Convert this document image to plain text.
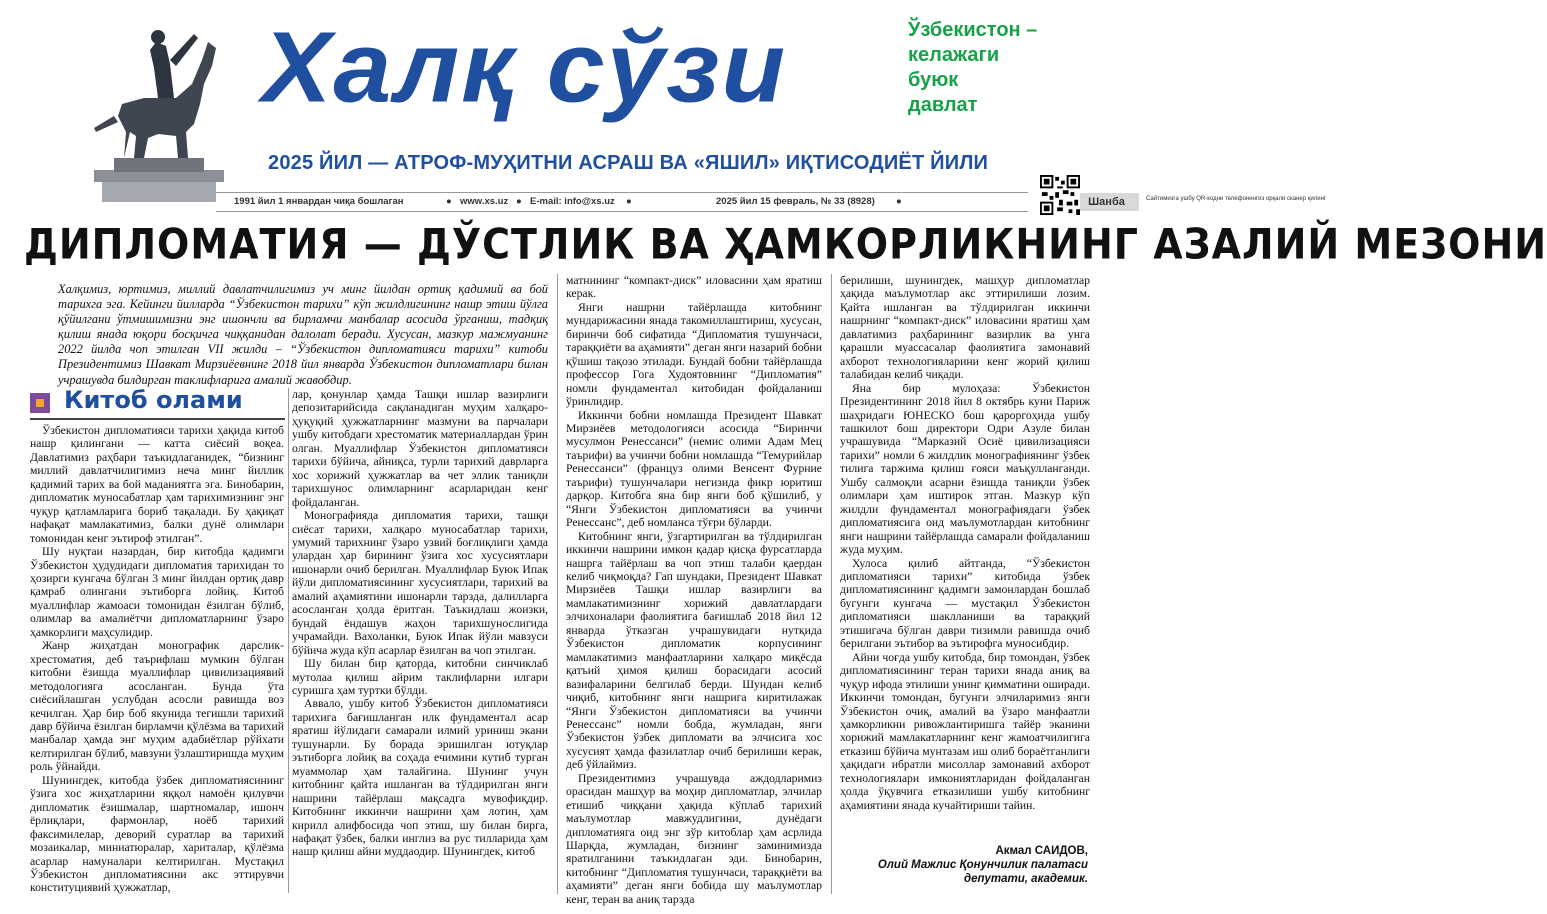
Халқ сўзи	Ўзбекистон –
келажаги
буюк
давлат
2025 ЙИЛ — АТРОФ-МУҲИТНИ АСРАШ ВА «ЯШИЛ» ИҚТИСОДИЁТ ЙИЛИ
1991 йил 1 январдан чиқа бошлаган	● www.xs.uz ● E-mail: info@xs.uz ●	2025 йил 15 февраль, № 33 (8928) ●	Шанба	Сайтимизга ушбу QR-кодни телефонингиз орқали сканер қилинг
ДИПЛОМАТИЯ — ДЎСТЛИК ВА ҲАМКОРЛИКНИНГ АЗАЛИЙ МЕЗОНИ
Халқимиз, юртимиз, миллий давлатчилигимиз уч минг йилдан ортиқ қадимий ва бой тарихга эга. Кейинги йилларда “Ўзбекистон тарихи” кўп жилдлигининг нашр этиш йўлга қўйилгани ўтмишимизни энг ишончли ва бирламчи манбалар асосида ўрганиш, тадқиқ қилиш янада юқори босқичга чиққанидан далолат беради. Хусусан, мазкур мажмуанинг 2022 йилда чоп этилган VII жилди – “Ўзбекистон дипломатияси тарихи” китоби Президентимиз Шавкат Мирзиёевнинг 2018 йил январда Ўзбекистон дипломатлари билан учрашувда билдирган таклифларига амалий жавобдир.
Китоб олами

Ўзбекистон дипломатияси тарихи ҳақида китоб нашр қилингани — катта сиёсий воқеа. Давлатимиз раҳбари таъкидлаганидек, “бизнинг миллий давлатчилигимиз неча минг йиллик қадимий тарих ва бой маданиятга эга. Бинобарин, дипломатик муносабатлар ҳам тарихимизнинг энг чуқур қатламларига бориб тақалади. Бу ҳақиқат нафақат мамлакатимиз, балки дунё олимлари томонидан кенг эътироф этилган”.

Шу нуқтаи назардан, бир китобда қадимги Ўзбекистон ҳудудидаги дипломатия тарихидан то ҳозирги кунгача бўлган 3 минг йилдан ортиқ давр қамраб олингани эътиборга лойиқ. Китоб муаллифлар жамоаси томонидан ёзилган бўлиб, олимлар ва амалиётчи дипломатларнинг ўзаро ҳамкорлиги маҳсулидир.

Жанр жиҳатдан монографик дарслик-хрестоматия, деб таърифлаш мумкин бўлган китобни ёзишда муаллифлар цивилизациявий методологияга асосланган. Бунда ўта сиёсийлашган услубдан асосли равишда воз кечилган. Ҳар бир боб якунида тегишли тарихий давр бўйича ёзилган бирламчи қўлёзма ва тарихий манбалар ҳамда энг муҳим адабиётлар рўйхати келтирилган бўлиб, мавзуни ўзлаштиришда муҳим роль ўйнайди.

Шунингдек, китобда ўзбек дипломатиясининг ўзига хос жиҳатларини яққол намоён қилувчи дипломатик ёзишмалар, шартномалар, ишонч ёрлиқлари, фармонлар, ноёб тарихий факсимилелар, деворий суратлар ва тарихий мозаикалар, миниатюралар, хариталар, қўлёзма асарлар намуналари келтирилган. Мустақил Ўзбекистон дипломатиясини акс эттирувчи конституциявий ҳужжатлар,

лар, қонунлар ҳамда Ташқи ишлар вазирлиги депозитарийсида сақланадиган муҳим халқаро-ҳуқуқий ҳужжатларнинг мазмуни ва парчалари ушбу китобдаги хрестоматик материаллардан ўрин олган. Муаллифлар Ўзбекистон дипломатияси тарихи бўйича, айниқса, турли тарихий даврларга хос хорижий ҳужжатлар ва чет эллик таниқли тарихшунос олимларнинг асарларидан кенг фойдаланган.

Монографияда дипломатия тарихи, ташқи сиёсат тарихи, халқаро муносабатлар тарихи, умумий тарихнинг ўзаро узвий боғлиқлиги ҳамда улардан ҳар бирининг ўзига хос хусусиятлари ишонарли очиб берилган. Муаллифлар Буюк Ипак йўли дипломатиясининг хусусиятлари, тарихий ва амалий аҳамиятини ишонарли тарзда, далилларга асосланган ҳолда ёритган. Таъкидлаш жоизки, бундай ёндашув жаҳон тарихшунослигида учрамайди. Вахоланки, Буюк Ипак йўли мавзуси бўйича жуда кўп асарлар ёзилган ва чоп этилган.

Шу билан бир қаторда, китобни синчиклаб мутолаа қилиш айрим таклифларни илгари суришга ҳам туртки бўлди.

Аввало, ушбу китоб Ўзбекистон дипломатияси тарихига бағишланган илк фундаментал асар яратиш йўлидаги самарали илмий уриниш экани тушунарли. Бу борада эришилган ютуқлар эътиборга лойиқ ва соҳада ечимини кутиб турган муаммолар ҳам талайгина. Шунинг учун китобнинг қайта ишланган ва тўлдирилган янги нашрини тайёрлаш мақсадга мувофиқдир. Китобнинг иккинчи нашрини ҳам лотин, ҳам кирилл алифбосида чоп этиш, шу билан бирга, нафақат ўзбек, балки инглиз ва рус тилларида ҳам нашр қилиш айни муддаодир. Шунингдек, китоб

матнининг “компакт-диск” иловасини ҳам яратиш керак.

Янги нашрни тайёрлашда китобнинг мундарижасини янада такомиллаштириш, хусусан, биринчи боб сифатида “Дипломатия тушунчаси, тараққиёти ва аҳамияти” деган янги назарий бобни қўшиш тақозо этилади. Бундай бобни тайёрлашда профессор Гога Худоятовнинг “Дипломатия” номли фундаментал китобидан фойдаланиш ўринлидир.

Иккинчи бобни номлашда Президент Шавкат Мирзиёев методологияси асосида “Биринчи мусулмон Ренессанси” (немис олими Адам Мец таърифи) ва учинчи бобни номлашда “Темурийлар Ренессанси” (француз олими Венсент Фурние таърифи) тушунчалари негизида фикр юритиш дарқор. Китобга яна бир янги боб қўшилиб, у “Янги Ўзбекистон дипломатияси ва учинчи Ренессанс”, деб номланса тўғри бўларди.

Китобнинг янги, ўзгартирилган ва тўлдирилган иккинчи нашрини имкон қадар қисқа фурсатларда нашрга тайёрлаш ва чоп этиш талаби қаердан келиб чиқмоқда? Гап шундаки, Президент Шавкат Мирзиёев Ташқи ишлар вазирлиги ва мамлакатимизнинг хорижий давлатлардаги элчихоналари фаолиятига бағишлаб 2018 йил 12 январда ўтказган учрашувидаги нутқида Ўзбекистон дипломатик корпусининг мамлакатимиз манфаатларини халқаро миқёсда қатъий ҳимоя қилиш борасидаги асосий вазифаларини белгилаб берди. Шундан келиб чиқиб, китобнинг янги нашрига киритилажак “Янги Ўзбекистон дипломатияси ва учинчи Ренессанс” номли бобда, жумладан, янги Ўзбекистон ўзбек дипломати ва элчисига хос хусусият ҳамда фазилатлар очиб берилиши керак, деб ўйлаймиз.

Президентимиз учрашувда аждодларимиз орасидан машҳур ва моҳир дипломатлар, элчилар етишиб чиққани ҳақида кўплаб тарихий маълумотлар мавжудлигини, дунёдаги дипломатияга оид энг зўр китоблар ҳам асрлида Шарқда, жумладан, бизнинг заминимизда яратилганини таъкидлаган эди. Бинобарин, китобнинг “Дипломатия тушунчаси, тараққиёти ва аҳамияти” деган янги бобида шу маълумотлар кенг, теран ва аниқ тарзда

берилиши, шунингдек, машҳур дипломатлар ҳақида маълумотлар акс эттирилиши лозим. Қайта ишланган ва тўлдирилган иккинчи нашрнинг “компакт-диск” иловасини яратиш ҳам давлатимиз раҳбарининг вазирлик ва унга қарашли муассасалар фаолиятига замонавий ахборот технологияларини кенг жорий қилиш талабидан келиб чиқади.

Яна бир мулоҳаза: Ўзбекистон Президентининг 2018 йил 8 октябрь куни Париж шаҳридаги ЮНЕСКО бош қароргоҳида ушбу ташкилот бош директори Одри Азуле билан учрашувида “Марказий Осиё цивилизацияси тарихи” номли 6 жилдлик монографиянинг ўзбек тилига таржима қилиш ғояси маъқулланганди. Ушбу салмоқли асарни ёзишда таниқли ўзбек олимлари ҳам иштирок этган. Мазкур кўп жилдли фундаментал монографиядаги ўзбек дипломатиясига оид маълумотлардан китобнинг янги нашрини тайёрлашда самарали фойдаланиш жуда муҳим.

Хулоса қилиб айтганда, “Ўзбекистон дипломатияси тарихи” китобида ўзбек дипломатиясининг қадимги замонлардан бошлаб бугунги кунгача — мустақил Ўзбекистон дипломатияси шаклланиши ва тараққий этишигача бўлган даври тизимли равишда очиб берилгани эътибор ва эътирофга муносибдир.

Айни чоғда ушбу китобда, бир томондан, ўзбек дипломатиясининг теран тарихи янада аниқ ва чуқур ифода этилиши унинг қимматини оширади. Иккинчи томондан, бугунги элчиларимиз янги Ўзбекистон очиқ, амалий ва ўзаро манфаатли ҳамкорликни ривожлантиришга тайёр эканини хорижий мамлакатларнинг кенг жамоатчилигига етказиш бўйича мунтазам иш олиб бораётганлиги ҳақидаги ибратли мисоллар замонавий ахборот технологиялари имкониятларидан фойдаланган ҳолда ўқувчига етказилиши ушбу китобнинг аҳамиятини янада кучайтириши тайин.

Акмал САИДОВ,
Олий Мажлис Қонунчилик палатаси
депутати, академик.
